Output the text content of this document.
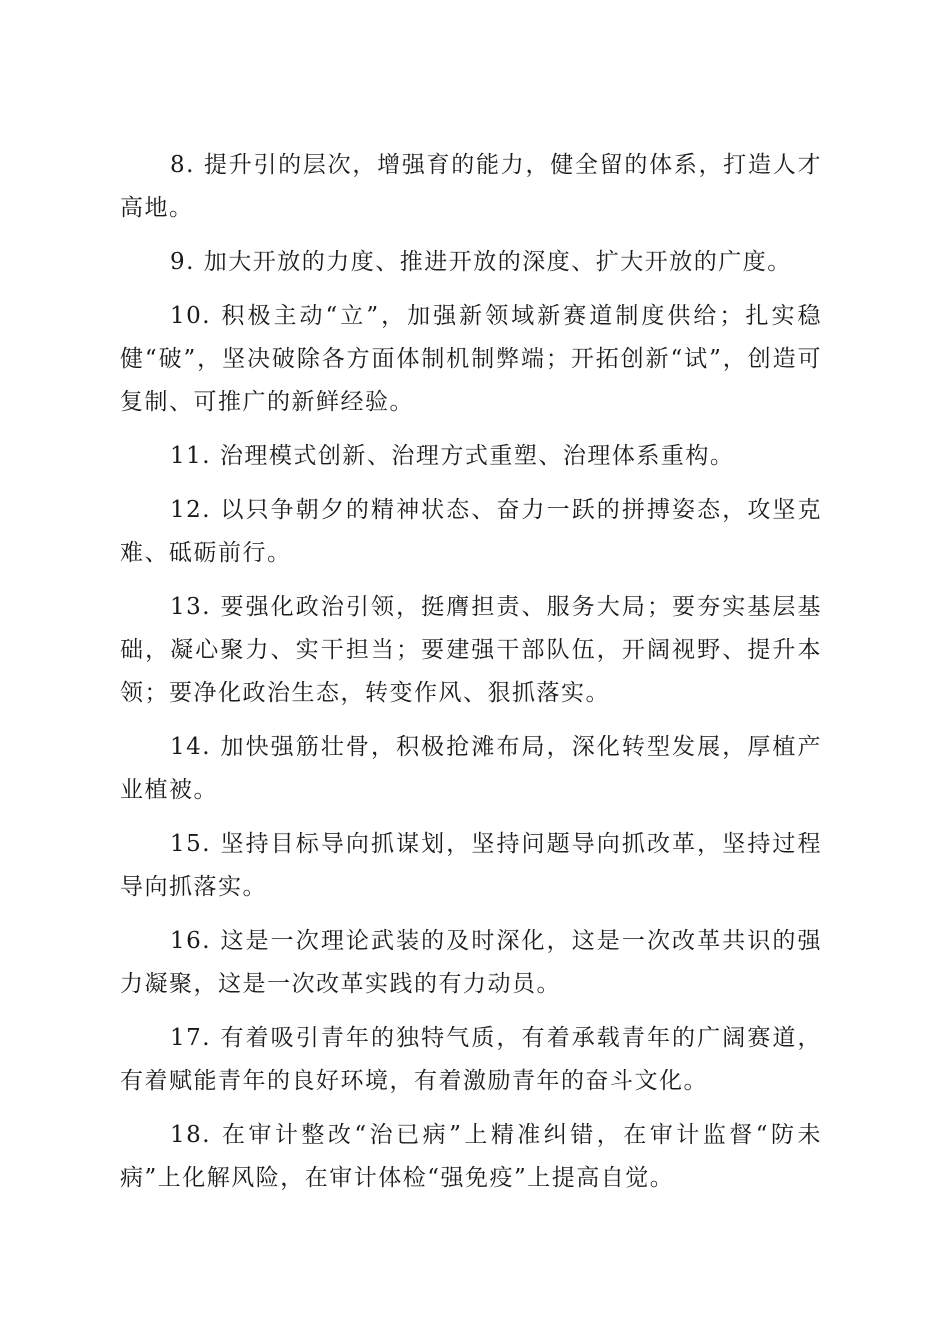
8. 提升引的层次，增强育的能力，健全留的体系，打造人才高地。

9. 加大开放的力度、推进开放的深度、扩大开放的广度。

10. 积极主动“立”，加强新领域新赛道制度供给；扎实稳健“破”，坚决破除各方面体制机制弊端；开拓创新“试”，创造可复制、可推广的新鲜经验。

11. 治理模式创新、治理方式重塑、治理体系重构。

12. 以只争朝夕的精神状态、奋力一跃的拼搏姿态，攻坚克难、砥砺前行。

13. 要强化政治引领，挺膺担责、服务大局；要夯实基层基础，凝心聚力、实干担当；要建强干部队伍，开阔视野、提升本领；要净化政治生态，转变作风、狠抓落实。

14. 加快强筋壮骨，积极抢滩布局，深化转型发展，厚植产业植被。

15. 坚持目标导向抓谋划，坚持问题导向抓改革，坚持过程导向抓落实。

16. 这是一次理论武装的及时深化，这是一次改革共识的强力凝聚，这是一次改革实践的有力动员。

17. 有着吸引青年的独特气质，有着承载青年的广阔赛道，有着赋能青年的良好环境，有着激励青年的奋斗文化。

18. 在审计整改“治已病”上精准纠错，在审计监督“防未病”上化解风险，在审计体检“强免疫”上提高自觉。
